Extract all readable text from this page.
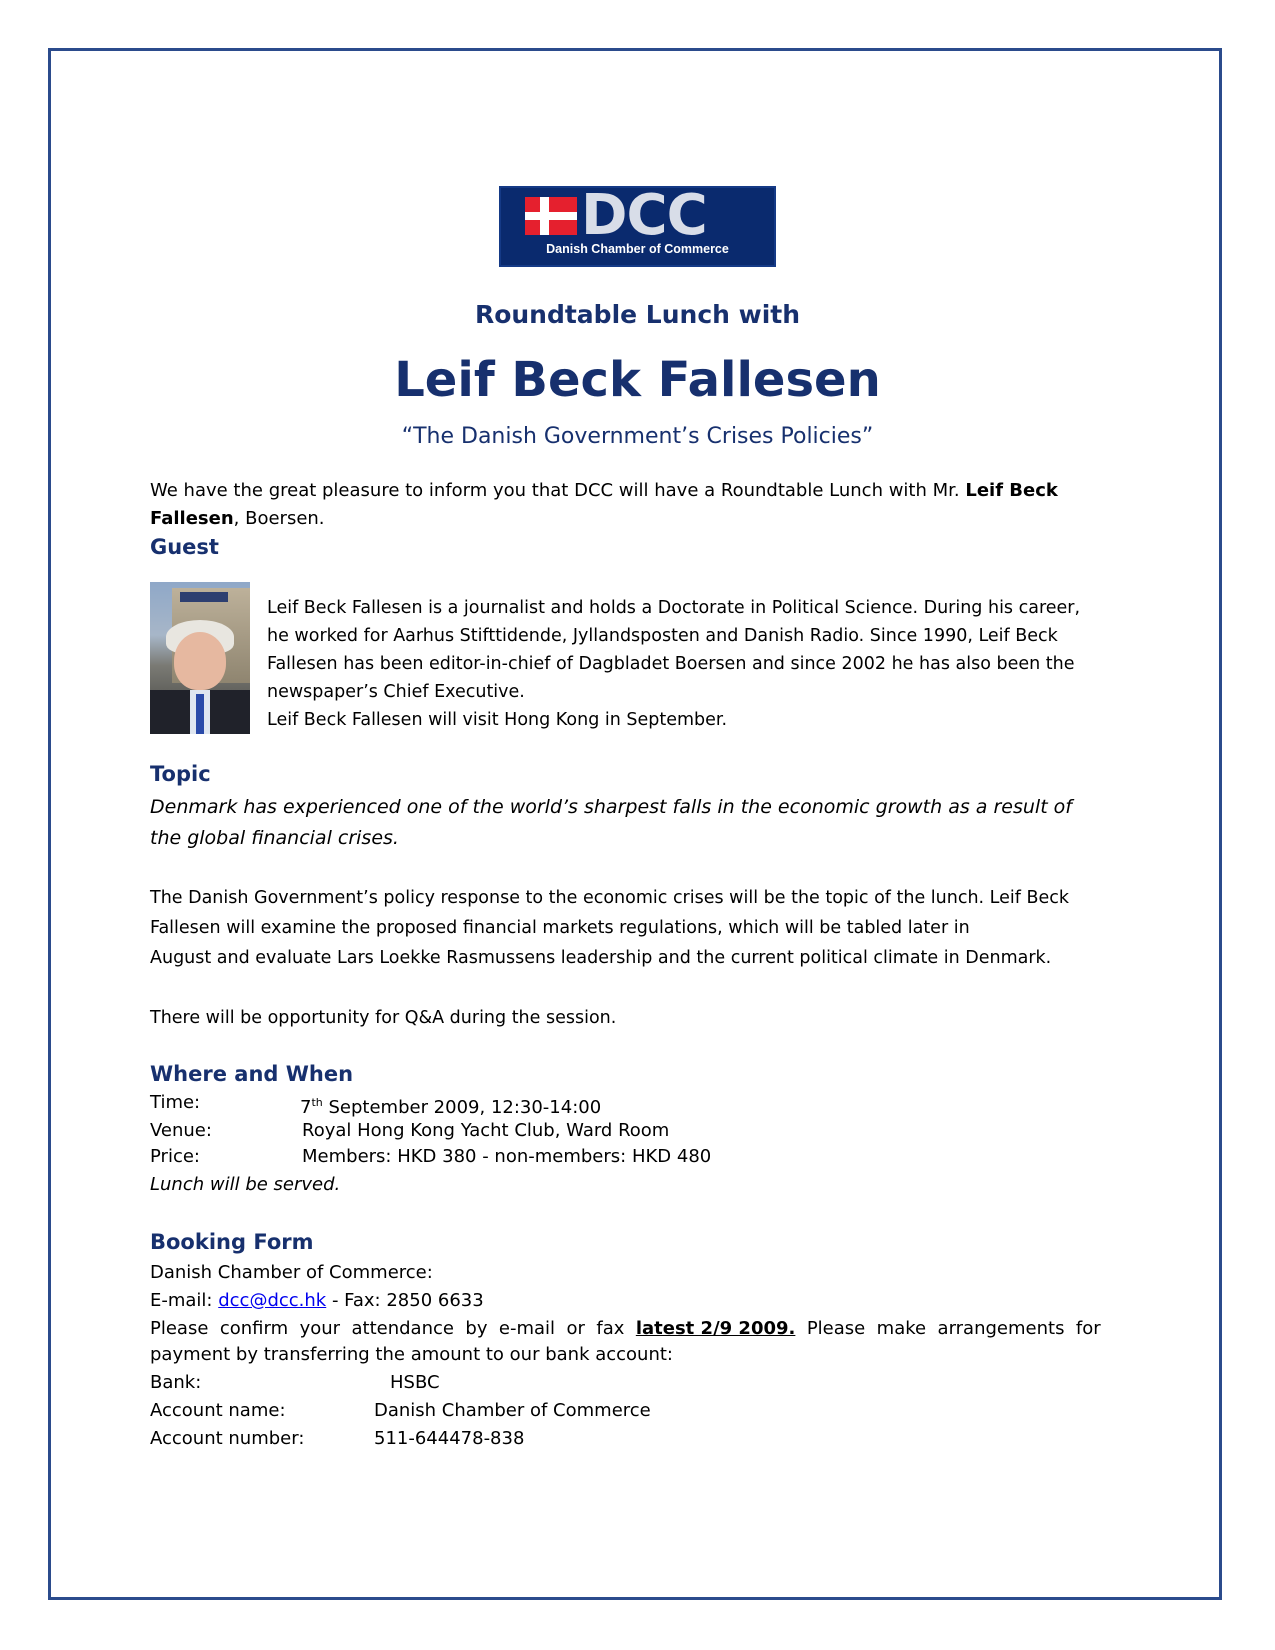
DCC
Danish Chamber of Commerce
Roundtable Lunch with
Leif Beck Fallesen
“The Danish Government’s Crises Policies”
We have the great pleasure to inform you that DCC will have a Roundtable Lunch with Mr. Leif Beck
Fallesen, Boersen.
Guest
Leif Beck Fallesen is a journalist and holds a Doctorate in Political Science. During his career,
he worked for Aarhus Stifttidende, Jyllandsposten and Danish Radio. Since 1990, Leif Beck
Fallesen has been editor-in-chief of Dagbladet Boersen and since 2002 he has also been the
newspaper’s Chief Executive.
Leif Beck Fallesen will visit Hong Kong in September.
Topic
Denmark has experienced one of the world’s sharpest falls in the economic growth as a result of
the global financial crises.
The Danish Government’s policy response to the economic crises will be the topic of the lunch. Leif Beck
Fallesen will examine the proposed financial markets regulations, which will be tabled later in
August and evaluate Lars Loekke Rasmussens leadership and the current political climate in Denmark.
There will be opportunity for Q&A during the session.
Where and When
Time:	7th September 2009, 12:30-14:00
Venue:	Royal Hong Kong Yacht Club, Ward Room
Price:	Members: HKD 380 - non-members: HKD 480
Lunch will be served.
Booking Form
Danish Chamber of Commerce:
E-mail: dcc@dcc.hk - Fax: 2850 6633
Please  confirm  your  attendance  by  e-mail  or  fax  latest 2/9 2009.  Please  make  arrangements  for
payment by transferring the amount to our bank account:
Bank:	HSBC
Account name:	Danish Chamber of Commerce
Account number:	511-644478-838
